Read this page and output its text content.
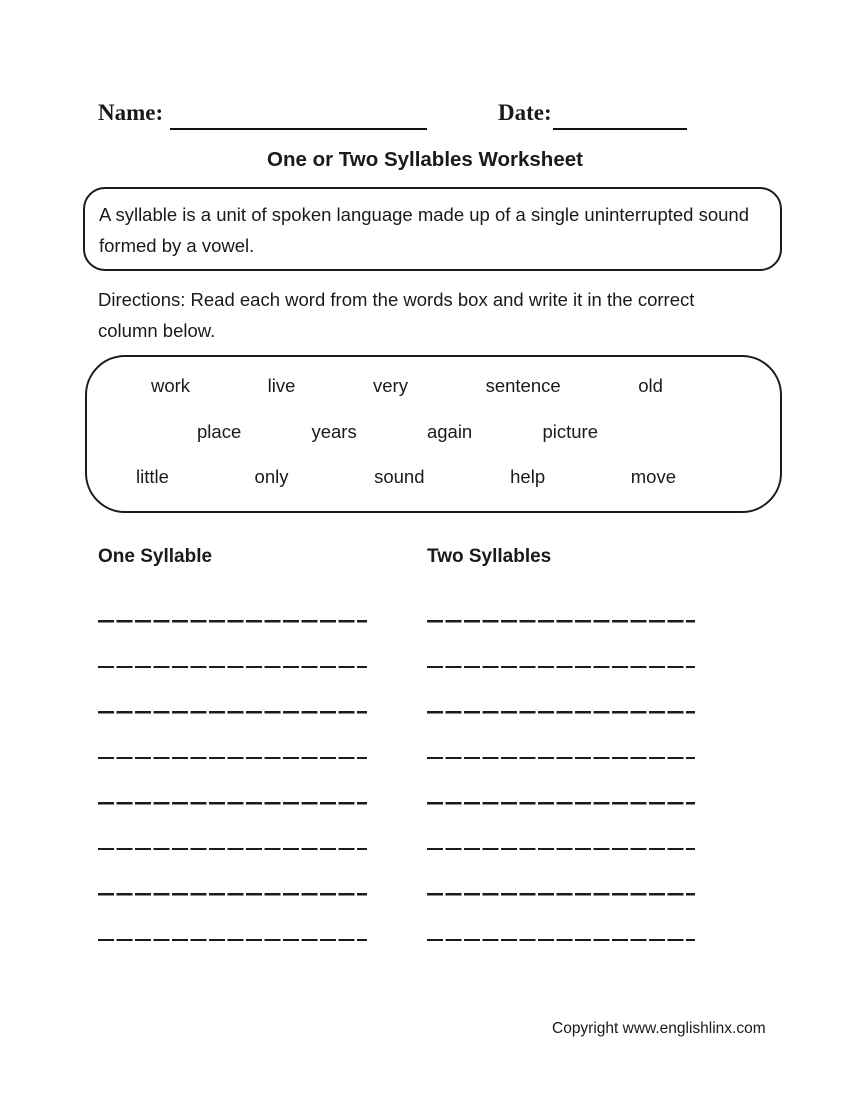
Name:	Date:
One or Two Syllables Worksheet
A syllable is a unit of spoken language made up of a single uninterrupted sound formed by a vowel.
Directions: Read each word from the words box and write it in the correct column below.
work	live	very	sentence	old
place	years	again	picture
little	only	sound	help	move
One Syllable	Two Syllables
Copyright www.englishlinx.com
